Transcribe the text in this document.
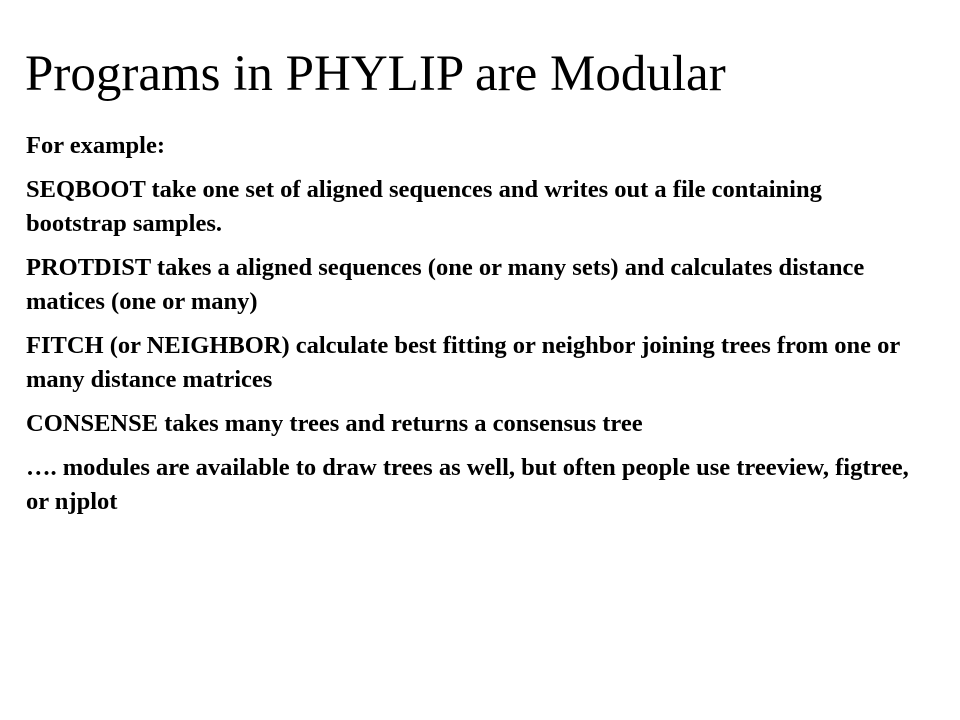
Programs in PHYLIP are Modular

For example:

SEQBOOT take one set of aligned sequences and writes out a file containing bootstrap samples.

PROTDIST takes a aligned sequences (one or many sets) and calculates distance matices (one or many)

FITCH (or NEIGHBOR) calculate best fitting or neighbor joining trees from one or many distance matrices

CONSENSE takes many trees and returns a consensus tree

…. modules are available to draw trees as well, but often people use treeview, figtree, or njplot
